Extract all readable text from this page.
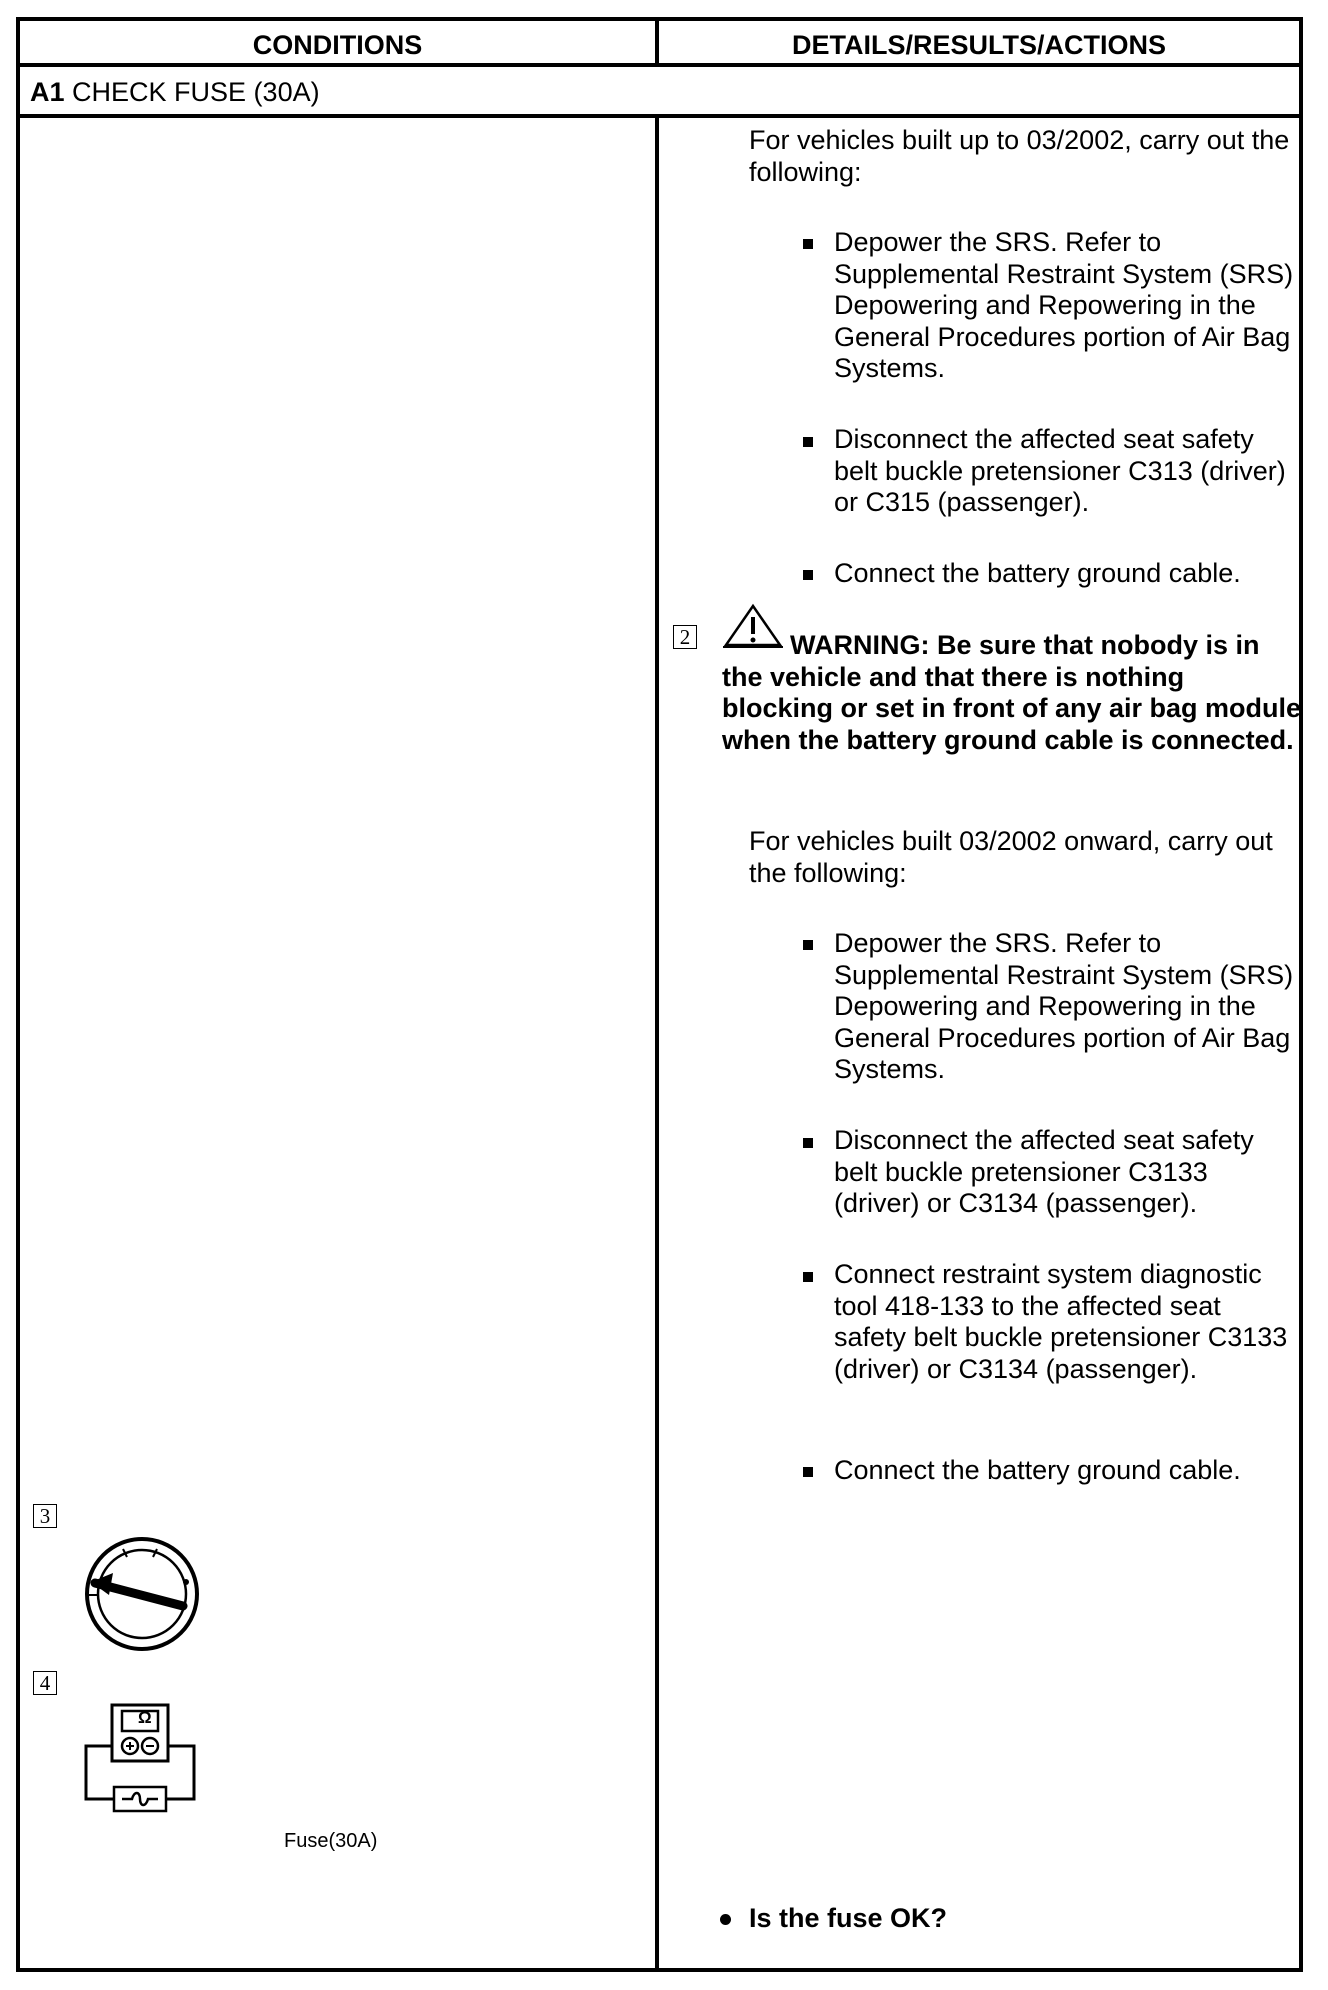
CONDITIONS	DETAILS/RESULTS/ACTIONS
A1 CHECK FUSE (30A)
For vehicles built up to 03/2002, carry out the following:
Depower the SRS. Refer to Supplemental Restraint System (SRS) Depowering and Repowering in the General Procedures portion of Air Bag Systems.
Disconnect the affected seat safety belt buckle pretensioner C313 (driver) or C315 (passenger).
Connect the battery ground cable.
2	WARNING: Be sure that nobody is in the vehicle and that there is nothing blocking or set in front of any air bag module when the battery ground cable is connected.
For vehicles built 03/2002 onward, carry out the following:
Depower the SRS. Refer to Supplemental Restraint System (SRS) Depowering and Repowering in the General Procedures portion of Air Bag Systems.
Disconnect the affected seat safety belt buckle pretensioner C3133 (driver) or C3134 (passenger).
Connect restraint system diagnostic tool 418-133 to the affected seat safety belt buckle pretensioner C3133 (driver) or C3134 (passenger).
Connect the battery ground cable.
Is the fuse OK?
3
4
Ω
Fuse(30A)
